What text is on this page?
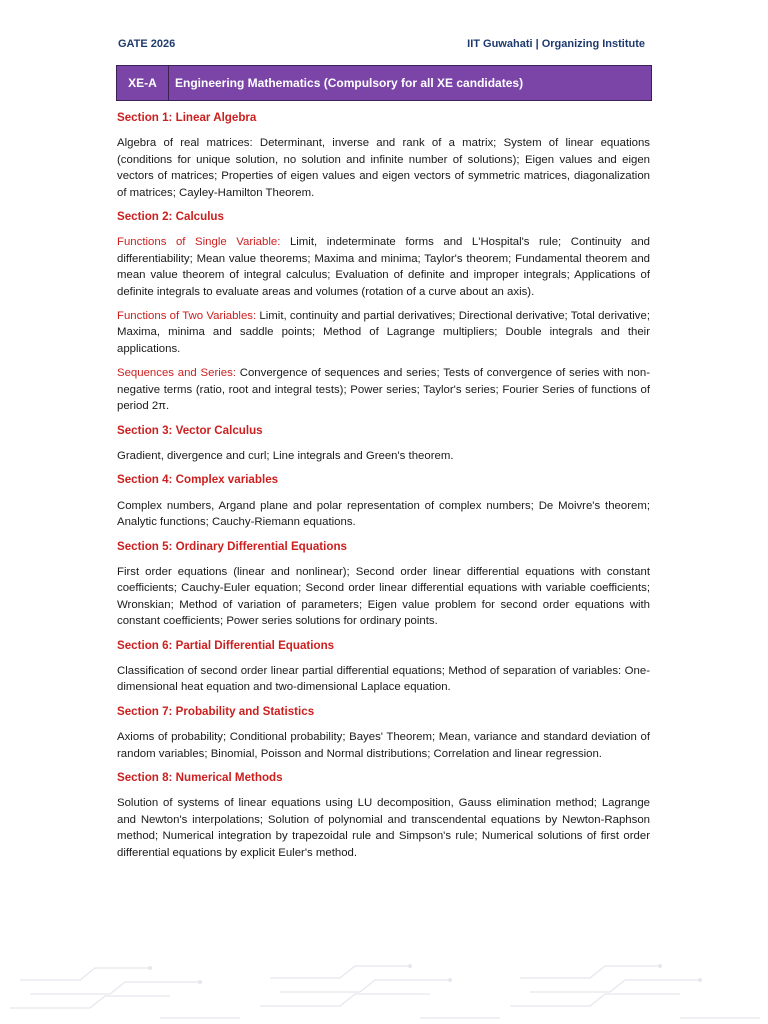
GATE 2026	IIT Guwahati | Organizing Institute
XE-A	Engineering Mathematics (Compulsory for all XE candidates)
Section 1: Linear Algebra
Algebra of real matrices: Determinant, inverse and rank of a matrix; System of linear equations (conditions for unique solution, no solution and infinite number of solutions); Eigen values and eigen vectors of matrices; Properties of eigen values and eigen vectors of symmetric matrices, diagonalization of matrices; Cayley-Hamilton Theorem.
Section 2: Calculus
Functions of Single Variable: Limit, indeterminate forms and L'Hospital's rule; Continuity and differentiability; Mean value theorems; Maxima and minima; Taylor's theorem; Fundamental theorem and mean value theorem of integral calculus; Evaluation of definite and improper integrals; Applications of definite integrals to evaluate areas and volumes (rotation of a curve about an axis).
Functions of Two Variables: Limit, continuity and partial derivatives; Directional derivative; Total derivative; Maxima, minima and saddle points; Method of Lagrange multipliers; Double integrals and their applications.
Sequences and Series: Convergence of sequences and series; Tests of convergence of series with non-negative terms (ratio, root and integral tests); Power series; Taylor's series; Fourier Series of functions of period 2π.
Section 3: Vector Calculus
Gradient, divergence and curl; Line integrals and Green's theorem.
Section 4: Complex variables
Complex numbers, Argand plane and polar representation of complex numbers; De Moivre's theorem; Analytic functions; Cauchy-Riemann equations.
Section 5: Ordinary Differential Equations
First order equations (linear and nonlinear); Second order linear differential equations with constant coefficients; Cauchy-Euler equation; Second order linear differential equations with variable coefficients; Wronskian; Method of variation of parameters; Eigen value problem for second order equations with constant coefficients; Power series solutions for ordinary points.
Section 6: Partial Differential Equations
Classification of second order linear partial differential equations; Method of separation of variables: One-dimensional heat equation and two-dimensional Laplace equation.
Section 7: Probability and Statistics
Axioms of probability; Conditional probability; Bayes' Theorem; Mean, variance and standard deviation of random variables; Binomial, Poisson and Normal distributions; Correlation and linear regression.
Section 8: Numerical Methods
Solution of systems of linear equations using LU decomposition, Gauss elimination method; Lagrange and Newton's interpolations; Solution of polynomial and transcendental equations by Newton-Raphson method; Numerical integration by trapezoidal rule and Simpson's rule; Numerical solutions of first order differential equations by explicit Euler's method.
